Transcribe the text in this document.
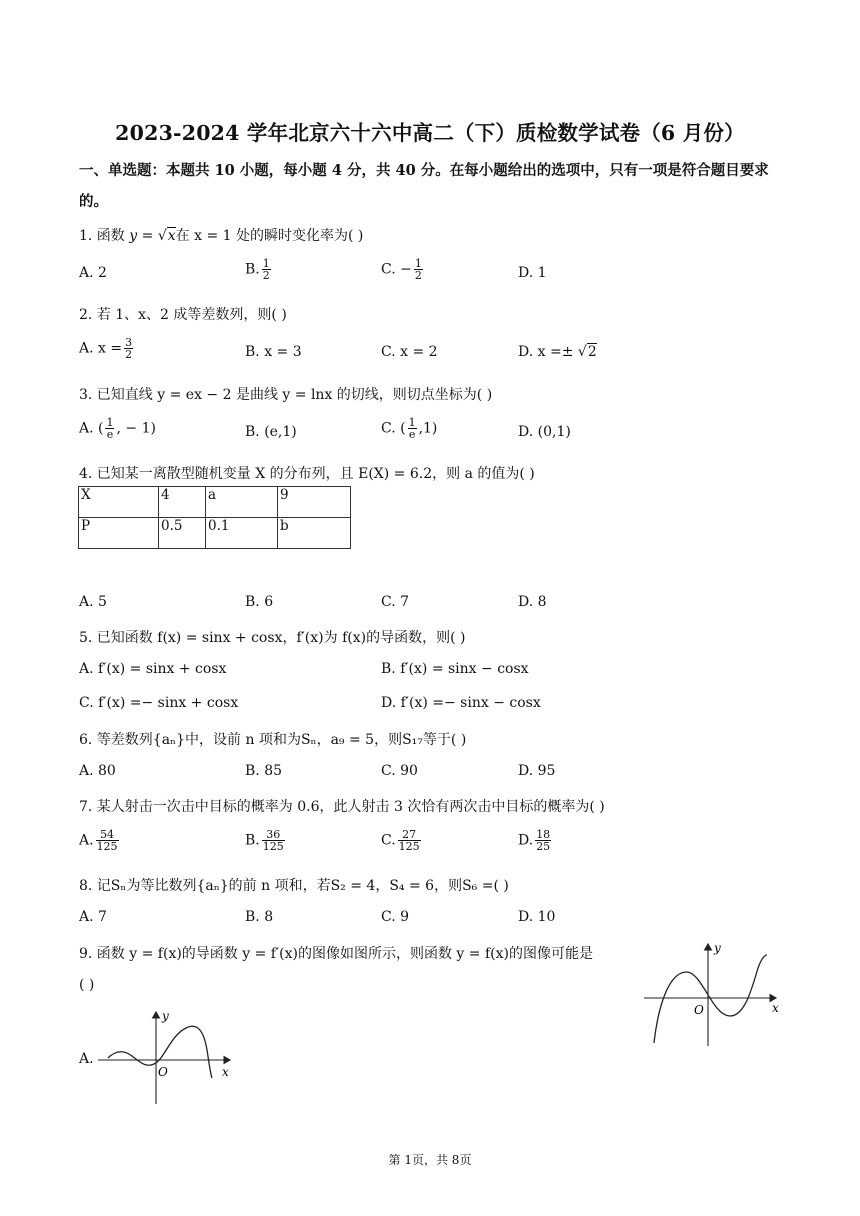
2023-2024 学年北京六十六中高二（下）质检数学试卷（6 月份）
一、单选题：本题共 10 小题，每小题 4 分，共 40 分。在每小题给出的选项中，只有一项是符合题目要求
的。
1. 函数 y = √x在 x = 1 处的瞬时变化率为( )
A. 2	B. $\frac{1}{2}$	C. − $\frac{1}{2}$	D. 1
2. 若 1、x、2 成等差数列，则( )
A. $x = \frac{3}{2}$	B. x = 3	C. x = 2	D. x =± √2
3. 已知直线 y = ex − 2 是曲线 y = lnx 的切线，则切点坐标为( )
A. ( $\frac{1}{e}$ , − 1)	B. (e,1)	C. ( $\frac{1}{e} ,1$)	D. (0,1)
4. 已知某一离散型随机变量 X 的分布列，且 E(X) = 6.2，则 a 的值为( )
X	4	a	9
P	0.5	0.1	b
A. 5	B. 6	C. 7	D. 8
5. 已知函数 f(x) = sinx + cosx，f′(x)为 f(x)的导函数，则( )
A. f′(x) = sinx + cosx	B. f′(x) = sinx − cosx
C. f′(x) =− sinx + cosx	D. f′(x) =− sinx − cosx
6. 等差数列{aₙ}中，设前 n 项和为Sₙ，a₉ = 5，则S₁₇等于( )
A. 80	B. 85	C. 90	D. 95
7. 某人射击一次击中目标的概率为 0.6，此人射击 3 次恰有两次击中目标的概率为( )
A. $\frac{54}{125}$	B. $\frac{36}{125}$	C. $\frac{27}{125}$	D. $\frac{18}{25}$
8. 记Sₙ为等比数列{aₙ}的前 n 项和，若S₂ = 4，S₄ = 6，则S₆ =( )
A. 7	B. 8	C. 9	D. 10
9. 函数 y = f(x)的导函数 y = f′(x)的图像如图所示，则函数 y = f(x)的图像可能是
( )
y
x
O
A.
y
x
O
第 1页，共 8页
